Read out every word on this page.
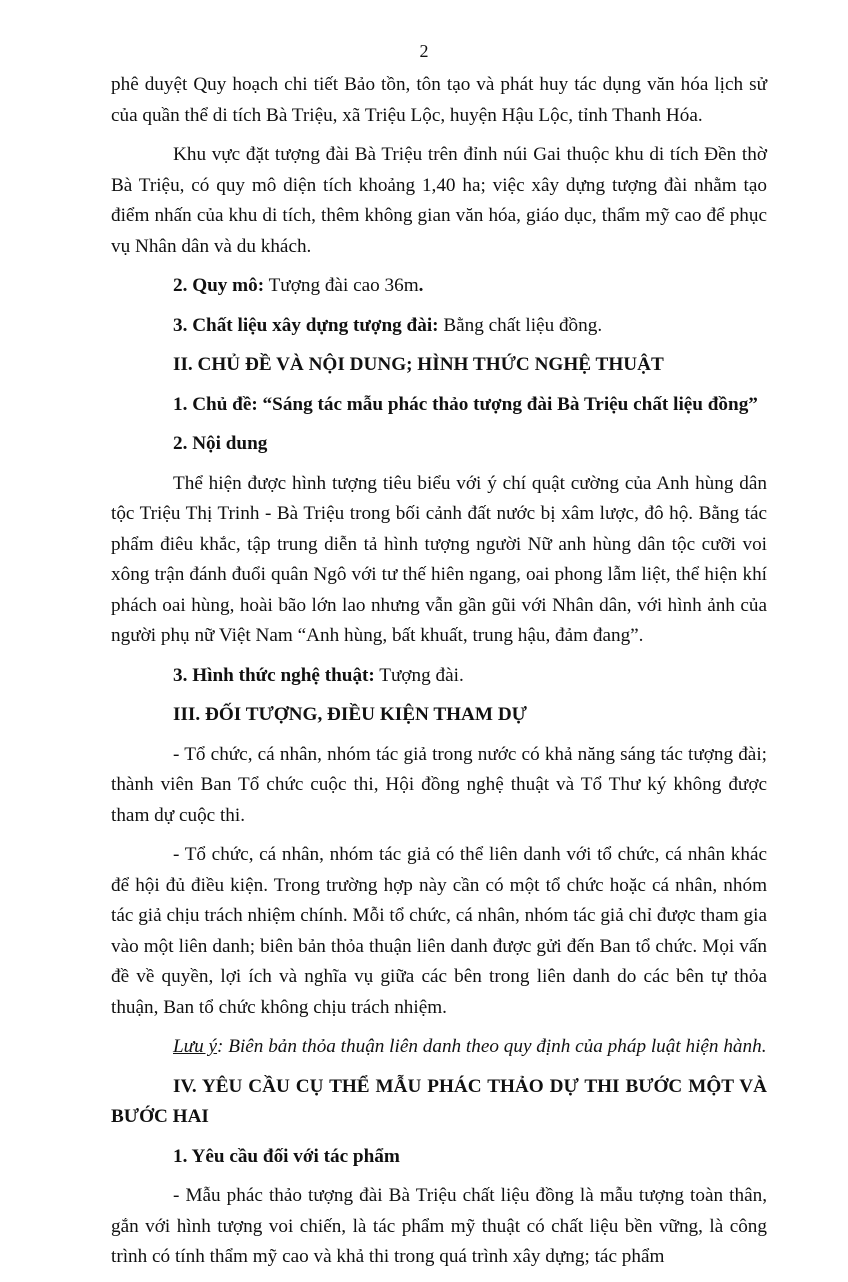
2

phê duyệt Quy hoạch chi tiết Bảo tồn, tôn tạo và phát huy tác dụng văn hóa lịch sử của quần thể di tích Bà Triệu, xã Triệu Lộc, huyện Hậu Lộc, tỉnh Thanh Hóa.

Khu vực đặt tượng đài Bà Triệu trên đỉnh núi Gai thuộc khu di tích Đền thờ Bà Triệu, có quy mô diện tích khoảng 1,40 ha; việc xây dựng tượng đài nhằm tạo điểm nhấn của khu di tích, thêm không gian văn hóa, giáo dục, thẩm mỹ cao để phục vụ Nhân dân và du khách.

2. Quy mô: Tượng đài cao 36m.

3. Chất liệu xây dựng tượng đài: Bằng chất liệu đồng.

II. CHỦ ĐỀ VÀ NỘI DUNG; HÌNH THỨC NGHỆ THUẬT

1. Chủ đề: “Sáng tác mẫu phác thảo tượng đài Bà Triệu chất liệu đồng”

2. Nội dung

Thể hiện được hình tượng tiêu biểu với ý chí quật cường của Anh hùng dân tộc Triệu Thị Trinh - Bà Triệu trong bối cảnh đất nước bị xâm lược, đô hộ. Bằng tác phẩm điêu khắc, tập trung diễn tả hình tượng người Nữ anh hùng dân tộc cưỡi voi xông trận đánh đuổi quân Ngô với tư thế hiên ngang, oai phong lẫm liệt, thể hiện khí phách oai hùng, hoài bão lớn lao nhưng vẫn gần gũi với Nhân dân, với hình ảnh của người phụ nữ Việt Nam “Anh hùng, bất khuất, trung hậu, đảm đang”.

3. Hình thức nghệ thuật: Tượng đài.

III. ĐỐI TƯỢNG, ĐIỀU KIỆN THAM DỰ

- Tổ chức, cá nhân, nhóm tác giả trong nước có khả năng sáng tác tượng đài; thành viên Ban Tổ chức cuộc thi, Hội đồng nghệ thuật và Tổ Thư ký không được tham dự cuộc thi.

- Tổ chức, cá nhân, nhóm tác giả có thể liên danh với tổ chức, cá nhân khác để hội đủ điều kiện. Trong trường hợp này cần có một tổ chức hoặc cá nhân, nhóm tác giả chịu trách nhiệm chính. Mỗi tổ chức, cá nhân, nhóm tác giả chỉ được tham gia vào một liên danh; biên bản thỏa thuận liên danh được gửi đến Ban tổ chức. Mọi vấn đề về quyền, lợi ích và nghĩa vụ giữa các bên trong liên danh do các bên tự thỏa thuận, Ban tổ chức không chịu trách nhiệm.

Lưu ý: Biên bản thỏa thuận liên danh theo quy định của pháp luật hiện hành.

IV. YÊU CẦU CỤ THỂ MẪU PHÁC THẢO DỰ THI BƯỚC MỘT VÀ BƯỚC HAI

1. Yêu cầu đối với tác phẩm

- Mẫu phác thảo tượng đài Bà Triệu chất liệu đồng là mẫu tượng toàn thân, gắn với hình tượng voi chiến, là tác phẩm mỹ thuật có chất liệu bền vững, là công trình có tính thẩm mỹ cao và khả thi trong quá trình xây dựng; tác phẩm
